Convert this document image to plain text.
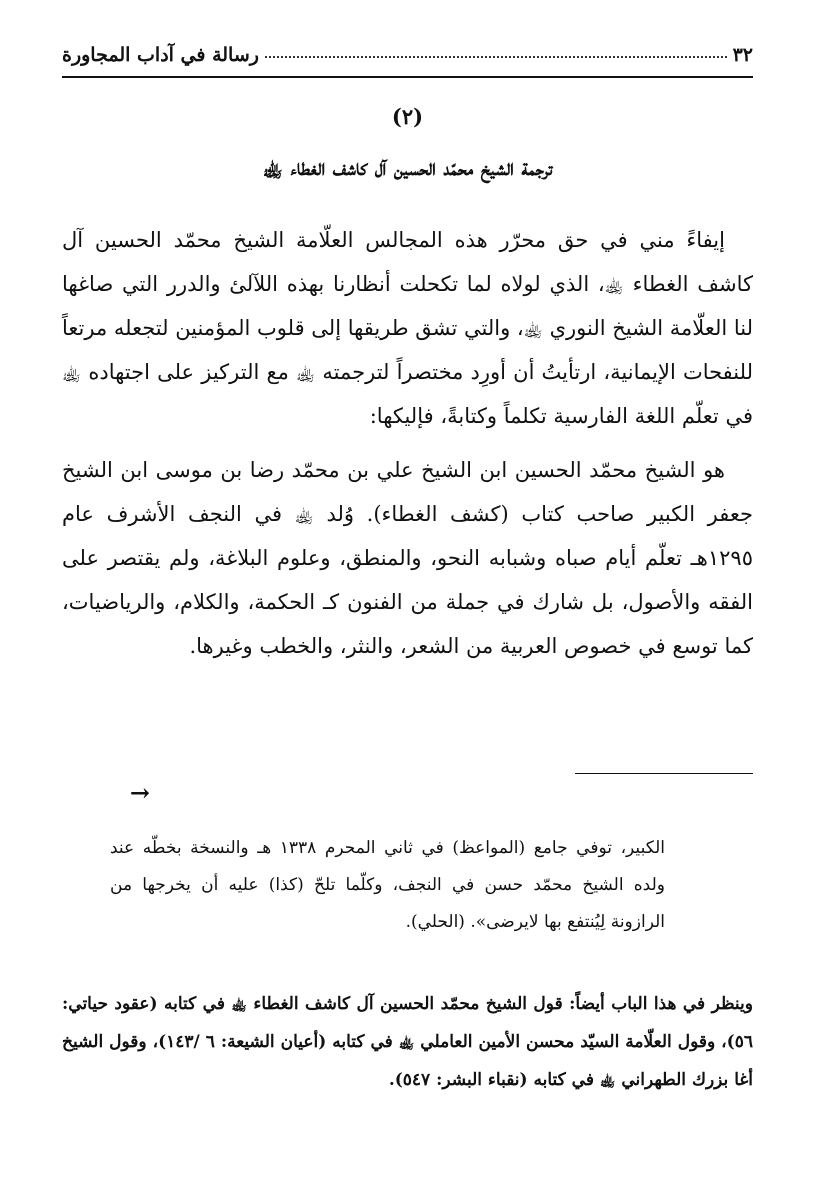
٣٢
رسالة في آداب المجاورة
(٢)
ترجمة الشيخ محمّد الحسين آل كاشف الغطاء ﵀

إيفاءً مني في حق محرّر هذه المجالس العلّامة الشيخ محمّد الحسين آل كاشف الغطاء ﵀، الذي لولاه لما تكحلت أنظارنا بهذه اللآلئ والدرر التي صاغها لنا العلّامة الشيخ النوري ﵀، والتي تشق طريقها إلى قلوب المؤمنين لتجعله مرتعاً للنفحات الإيمانية، ارتأيتُ أن أورِد مختصراً لترجمته ﵀ مع التركيز على اجتهاده ﵀ في تعلّم اللغة الفارسية تكلماً وكتابةً، فإليكها:

هو الشيخ محمّد الحسين ابن الشيخ علي بن محمّد رضا بن موسى ابن الشيخ جعفر الكبير صاحب كتاب (كشف الغطاء). وُلد ﵀ في النجف الأشرف عام ١٢٩٥هـ تعلّم أيام صباه وشبابه النحو، والمنطق، وعلوم البلاغة، ولم يقتصر على الفقه والأصول، بل شارك في جملة من الفنون كـ الحكمة، والكلام، والرياضيات، كما توسع في خصوص العربية من الشعر، والنثر، والخطب وغيرها.

→

الكبير، توفي جامع (المواعظ) في ثاني المحرم ١٣٣٨ هـ والنسخة بخطّه عند ولده الشيخ محمّد حسن في النجف، وكلّما تلحّ (كذا) عليه أن يخرجها من الرازونة لِيُنتفع بها لايرضى». (الحلي).

وينظر في هذا الباب أيضاً: قول الشيخ محمّد الحسين آل كاشف الغطاء ﵀ في كتابه (عقود حياتي: ٥٦)، وقول العلّامة السيّد محسن الأمين العاملي ﵀ في كتابه (أعيان الشيعة: ٦ /١٤٣)، وقول الشيخ أغا بزرك الطهراني ﵀ في كتابه (نقباء البشر: ٥٤٧).
